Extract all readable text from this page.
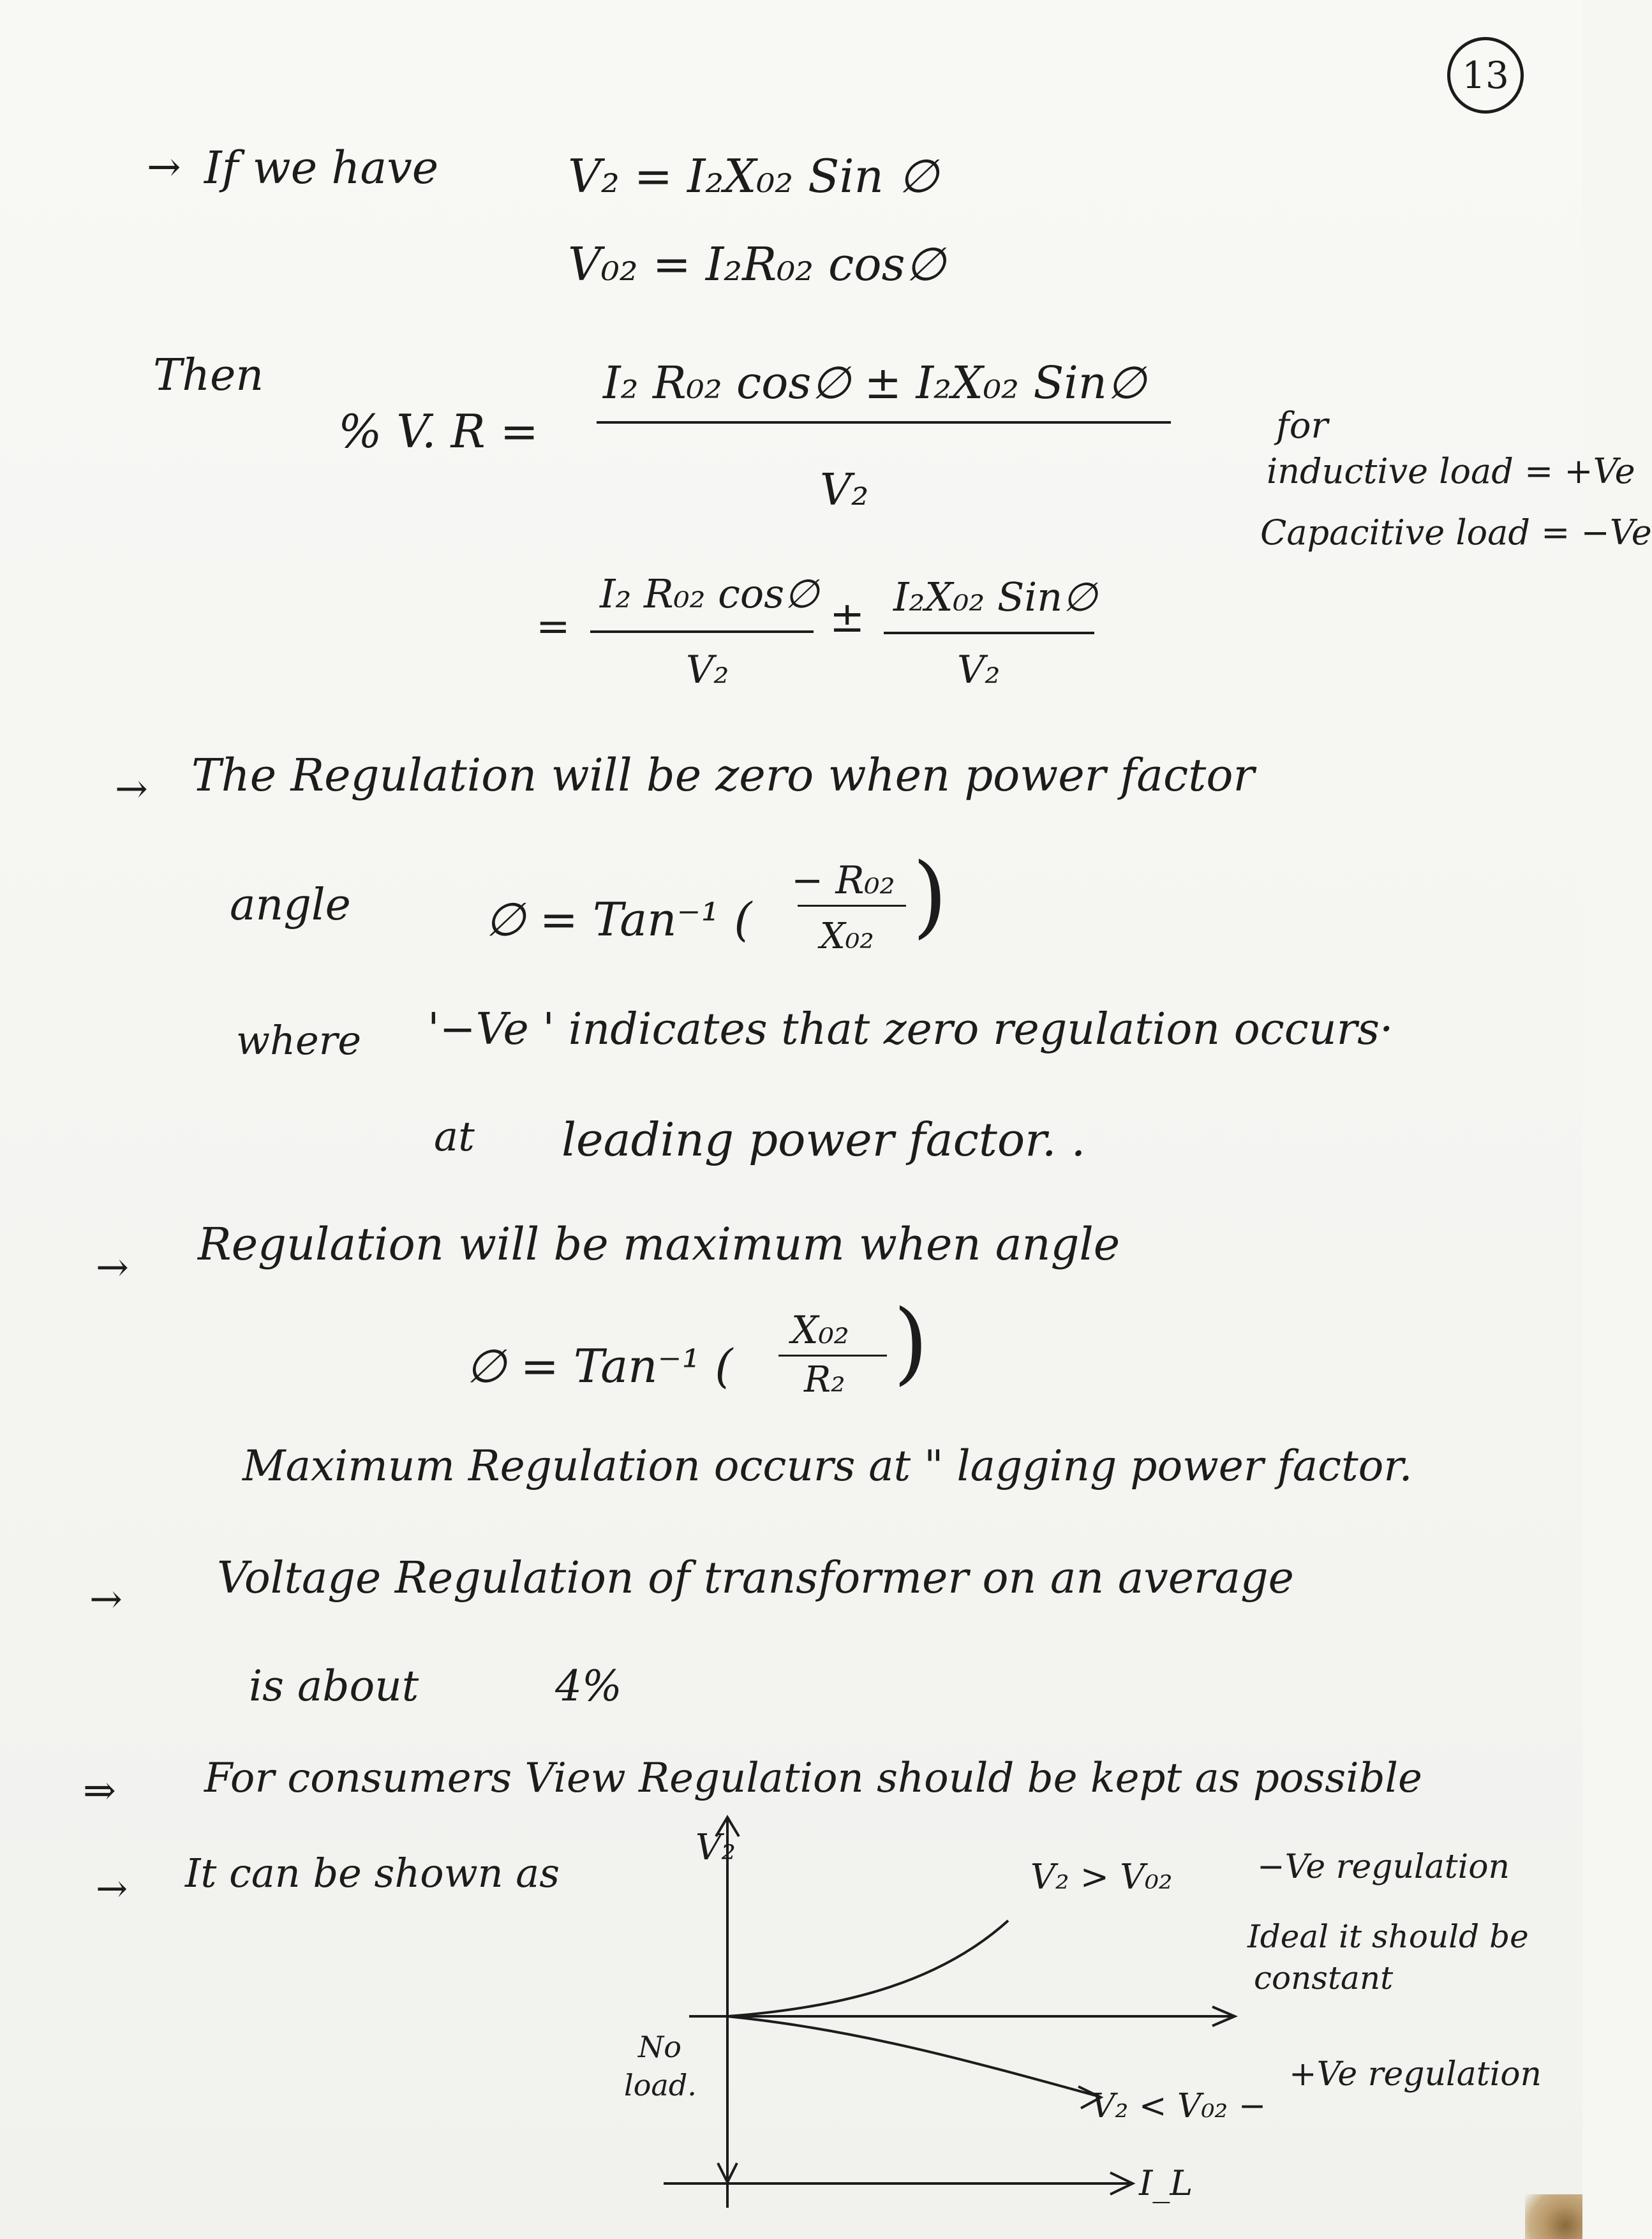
13
→ If we have	V₂ = I₂X₀₂ Sin ∅
V₀₂ = I₂R₀₂ cos∅
Then
% V. R =
I₂ R₀₂ cos∅ ± I₂X₀₂ Sin∅
V₂
for
inductive load = +Ve
Capacitive load = −Ve
=
I₂ R₀₂ cos∅
V₂
± I₂X₀₂ Sin∅
V₂
→ The Regulation will be zero when power factor
angle	∅ = Tan⁻¹ (
− R₀₂
X₀₂ )
where '−Ve ' indicates that zero regulation occurs·
at leading power factor. .
→ Regulation will be maximum when angle
∅ = Tan⁻¹ (
X₀₂
R₂ )
Maximum Regulation occurs at " lagging power factor.
→ Voltage Regulation of transformer on an average
is about	4%
⇒ For consumers View Regulation should be kept as possible
→ It can be shown as
V₂
I_L
V₂ > V₀₂	−Ve regulation
Ideal it should be
constant
No
load.
V₂ < V₀₂ −
+Ve regulation
